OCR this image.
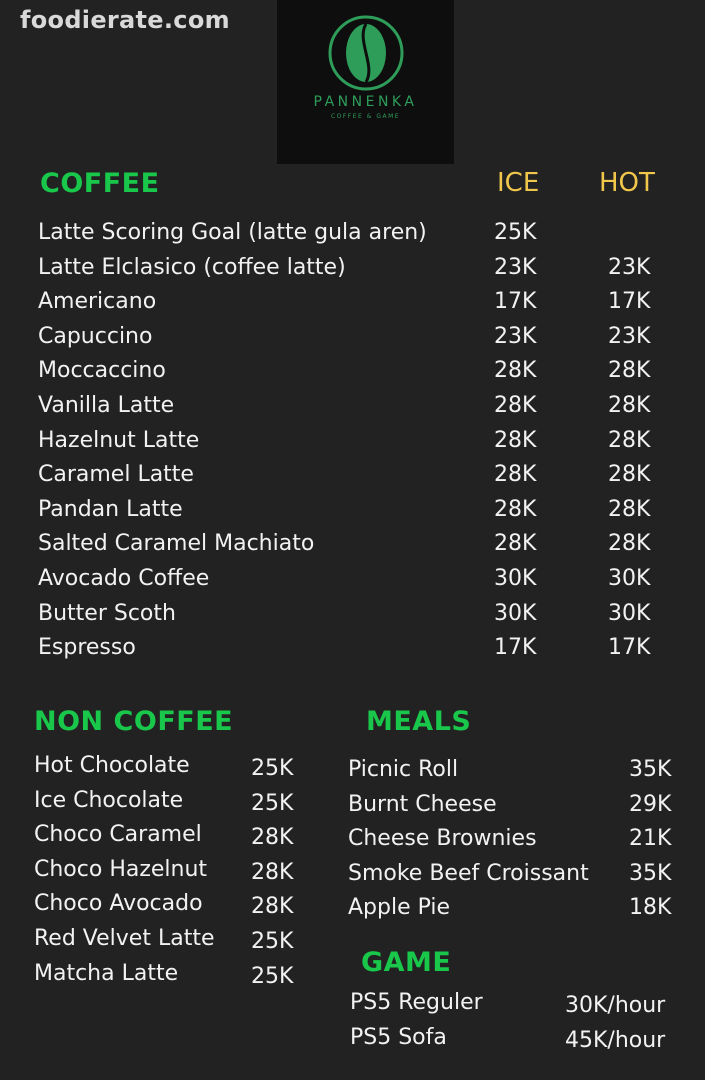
foodierate.com
PANNENKA
COFFEE & GAME
COFFEE	ICE HOT
Latte Scoring Goal (latte gula aren)	25K
Latte Elclasico (coffee latte)	23K	23K
Americano	17K	17K
Capuccino	23K	23K
Moccaccino	28K	28K
Vanilla Latte	28K	28K
Hazelnut Latte	28K	28K
Caramel Latte	28K	28K
Pandan Latte	28K	28K
Salted Caramel Machiato	28K	28K
Avocado Coffee	30K	30K
Butter Scoth	30K	30K
Espresso	17K	17K
NON COFFEE
Hot Chocolate	25K
Ice Chocolate	25K
Choco Caramel 28K
Choco Hazelnut 28K
Choco Avocado 28K
Red Velvet Latte 25K
Matcha Latte	25K
MEALS
Picnic Roll	35K
Burnt Cheese	29K
Cheese Brownies	21K
Smoke Beef Croissant 35K
Apple Pie	18K
GAME
PS5 Reguler	30K/hour
PS5 Sofa	45K/hour
